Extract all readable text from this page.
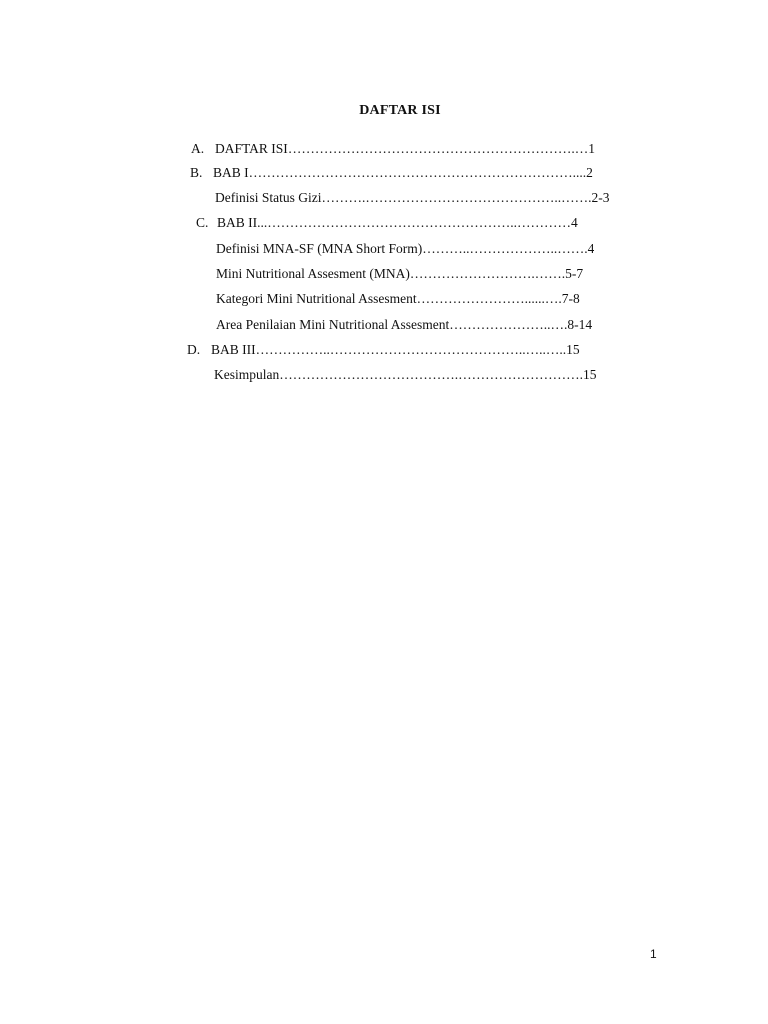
DAFTAR ISI
A. DAFTAR ISI……………………………………………………….…1
B. BAB I………………………………………………………………....2
Definisi Status Gizi……….……………………………………..…….2-3
C. BAB II...………………………………………………..…………4
Definisi MNA-SF (MNA Short Form)………..………………..…….4
Mini Nutritional Assesment (MNA)……………………….…….5-7
Kategori Mini Nutritional Assesment……………………......….7-8
Area Penilaian Mini Nutritional Assesment…………………..….8-14
D. BAB III……………..……………………………………..…..…..15
Kesimpulan………………………………….……………………….15
1
